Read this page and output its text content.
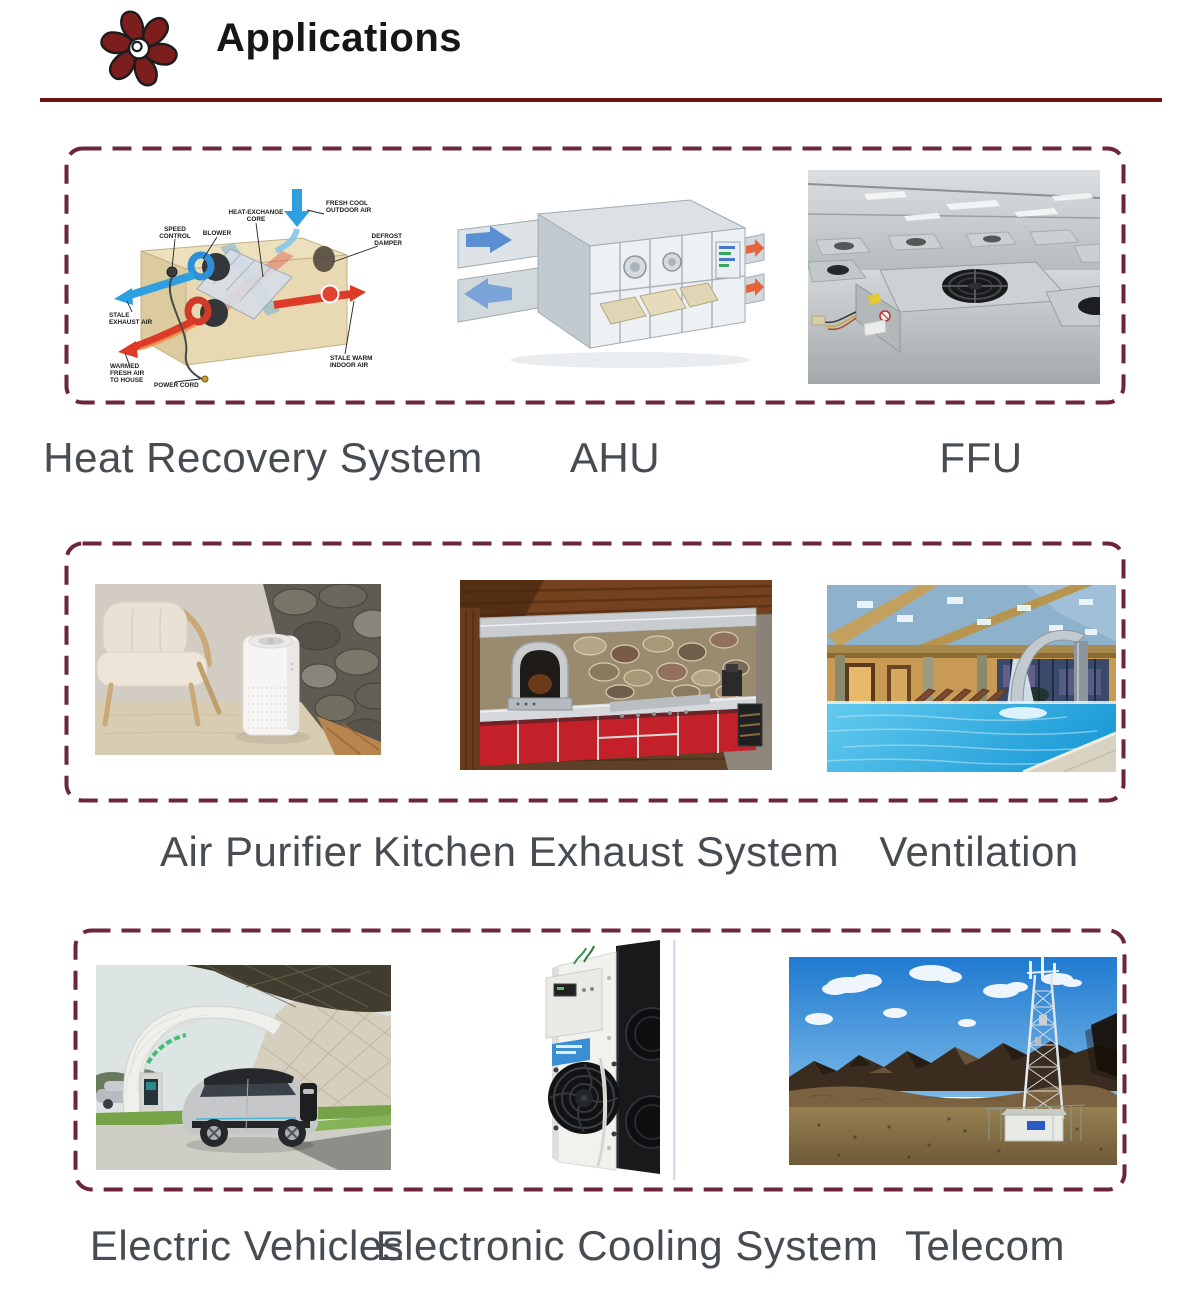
Applications
SPEED
CONTROL BLOWER
HEAT-EXCHANGE
CORE
FRESH COOL
OUTDOOR AIR
DEFROST
DAMPER
STALE
EXHAUST AIR
WARMED
FRESH AIR
TO HOUSE
POWER CORD
STALE WARM
INDOOR AIR
Heat Recovery System AHU	FFU
Air Purifier Kitchen Exhaust System Ventilation
Electric Vehicles
Electronic Cooling System Telecom
